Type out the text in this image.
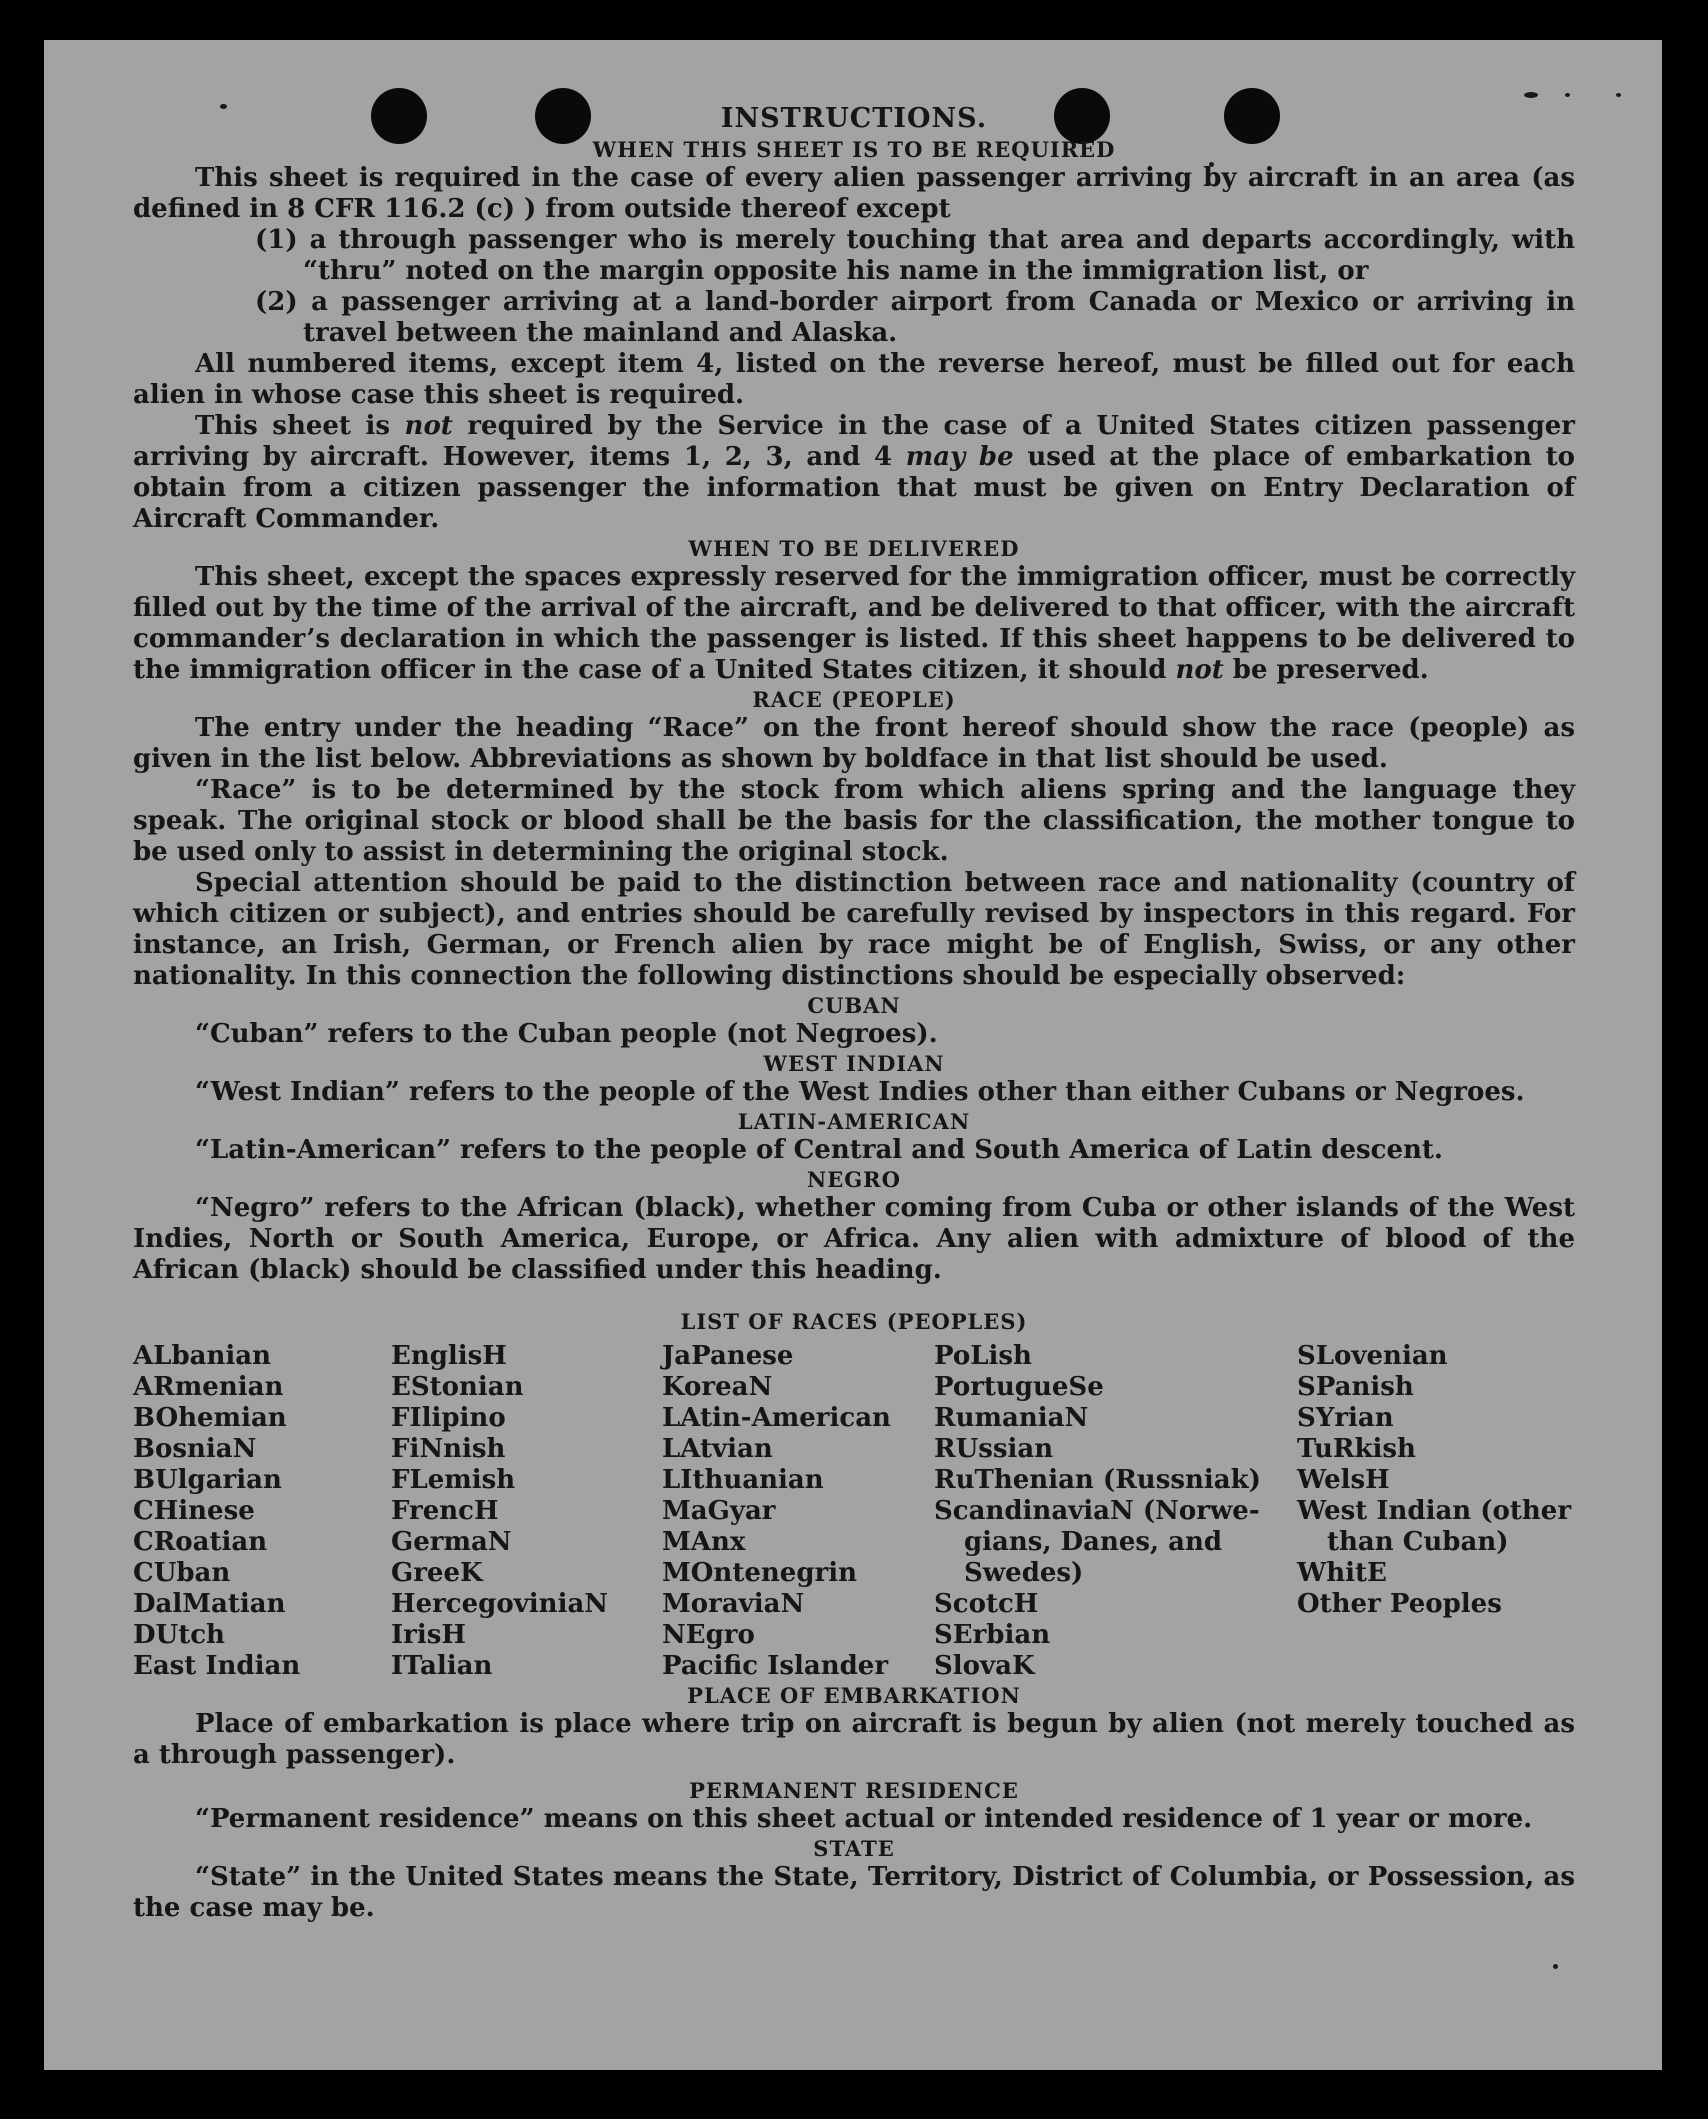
INSTRUCTIONS.
WHEN THIS SHEET IS TO BE REQUIRED

This sheet is required in the case of every alien passenger arriving by aircraft in an area (as defined in 8 CFR 116.2 (c) ) from outside thereof except

(1) a through passenger who is merely touching that area and departs accordingly, with “thru” noted on the margin opposite his name in the immigration list, or

(2) a passenger arriving at a land-border airport from Canada or Mexico or arriving in travel between the mainland and Alaska.

All numbered items, except item 4, listed on the reverse hereof, must be filled out for each alien in whose case this sheet is required.

This sheet is not required by the Service in the case of a United States citizen passenger arriving by aircraft. However, items 1, 2, 3, and 4 may be used at the place of embarkation to obtain from a citizen passenger the information that must be given on Entry Declaration of Aircraft Commander.

WHEN TO BE DELIVERED

This sheet, except the spaces expressly reserved for the immigration officer, must be correctly filled out by the time of the arrival of the aircraft, and be delivered to that officer, with the aircraft commander’s declaration in which the passenger is listed. If this sheet happens to be delivered to the immigration officer in the case of a United States citizen, it should not be preserved.

RACE (PEOPLE)

The entry under the heading “Race” on the front hereof should show the race (people) as given in the list below. Abbreviations as shown by boldface in that list should be used.

“Race” is to be determined by the stock from which aliens spring and the language they speak. The original stock or blood shall be the basis for the classification, the mother tongue to be used only to assist in determining the original stock.

Special attention should be paid to the distinction between race and nationality (country of which citizen or subject), and entries should be carefully revised by inspectors in this regard. For instance, an Irish, German, or French alien by race might be of English, Swiss, or any other nationality. In this connection the following distinctions should be especially observed:

CUBAN

“Cuban” refers to the Cuban people (not Negroes).

WEST INDIAN

“West Indian” refers to the people of the West Indies other than either Cubans or Negroes.

LATIN-AMERICAN

“Latin-American” refers to the people of Central and South America of Latin descent.

NEGRO

“Negro” refers to the African (black), whether coming from Cuba or other islands of the West Indies, North or South America, Europe, or Africa. Any alien with admixture of blood of the African (black) should be classified under this heading.

LIST OF RACES (PEOPLES)
ALbanian
ARmenian
BOhemian
BosniaN
BUlgarian
CHinese
CRoatian
CUban
DalMatian
DUtch
East Indian
EnglisH
EStonian
FIlipino
FiNnish
FLemish
FrencH
GermaN
GreeK
HercegoviniaN
IrisH
ITalian
JaPanese
KoreaN
LAtin-American
LAtvian
LIthuanian
MaGyar
MAnx
MOntenegrin
MoraviaN
NEgro
Pacific Islander
PoLish
PortugueSe
RumaniaN
RUssian
RuThenian (Russniak)
ScandinaviaN (Norwe-
gians, Danes, and
Swedes)
ScotcH
SErbian
SlovaK
SLovenian
SPanish
SYrian
TuRkish
WelsH
West Indian (other
than Cuban)
WhitE
Other Peoples
PLACE OF EMBARKATION

Place of embarkation is place where trip on aircraft is begun by alien (not merely touched as a through passenger).

PERMANENT RESIDENCE

“Permanent residence” means on this sheet actual or intended residence of 1 year or more.

STATE

“State” in the United States means the State, Territory, District of Columbia, or Possession, as the case may be.
